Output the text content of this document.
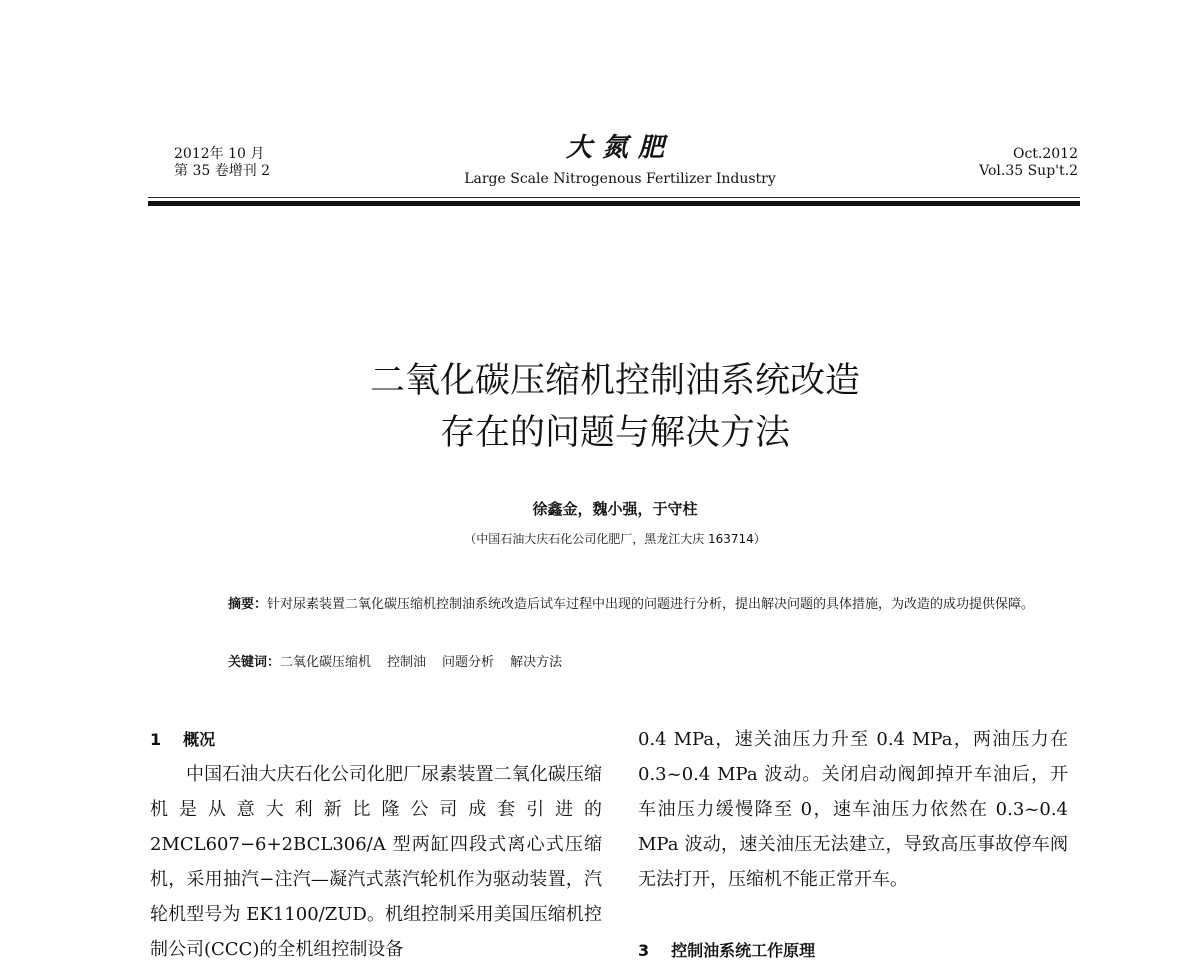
2012年 10 月
第 35 卷增刊 2
大氮肥
Large Scale Nitrogenous Fertilizer Industry
Oct.2012
Vol.35 Sup't.2
二氧化碳压缩机控制油系统改造
存在的问题与解决方法
徐鑫金，魏小强，于守柱
（中国石油大庆石化公司化肥厂，黑龙江大庆 163714）
摘要：针对尿素装置二氧化碳压缩机控制油系统改造后试车过程中出现的问题进行分析，提出解决问题的具体措施，为改造的成功提供保障。
关键词：二氧化碳压缩机 控制油 问题分析 解决方法
1 概况
中国石油大庆石化公司化肥厂尿素装置二氧化碳压缩机是从意大利新比隆公司成套引进的 2MCL607−6+2BCL306/A 型两缸四段式离心式压缩机，采用抽汽−注汽—凝汽式蒸汽轮机作为驱动装置，汽轮机型号为 EK1100/ZUD。机组控制采用美国压缩机控制公司(CCC)的全机组控制设备
0.4 MPa，速关油压力升至 0.4 MPa，两油压力在 0.3~0.4 MPa 波动。关闭启动阀卸掉开车油后，开车油压力缓慢降至 0，速车油压力依然在 0.3~0.4 MPa 波动，速关油压无法建立，导致高压事故停车阀无法打开，压缩机不能正常开车。
3 控制油系统工作原理
